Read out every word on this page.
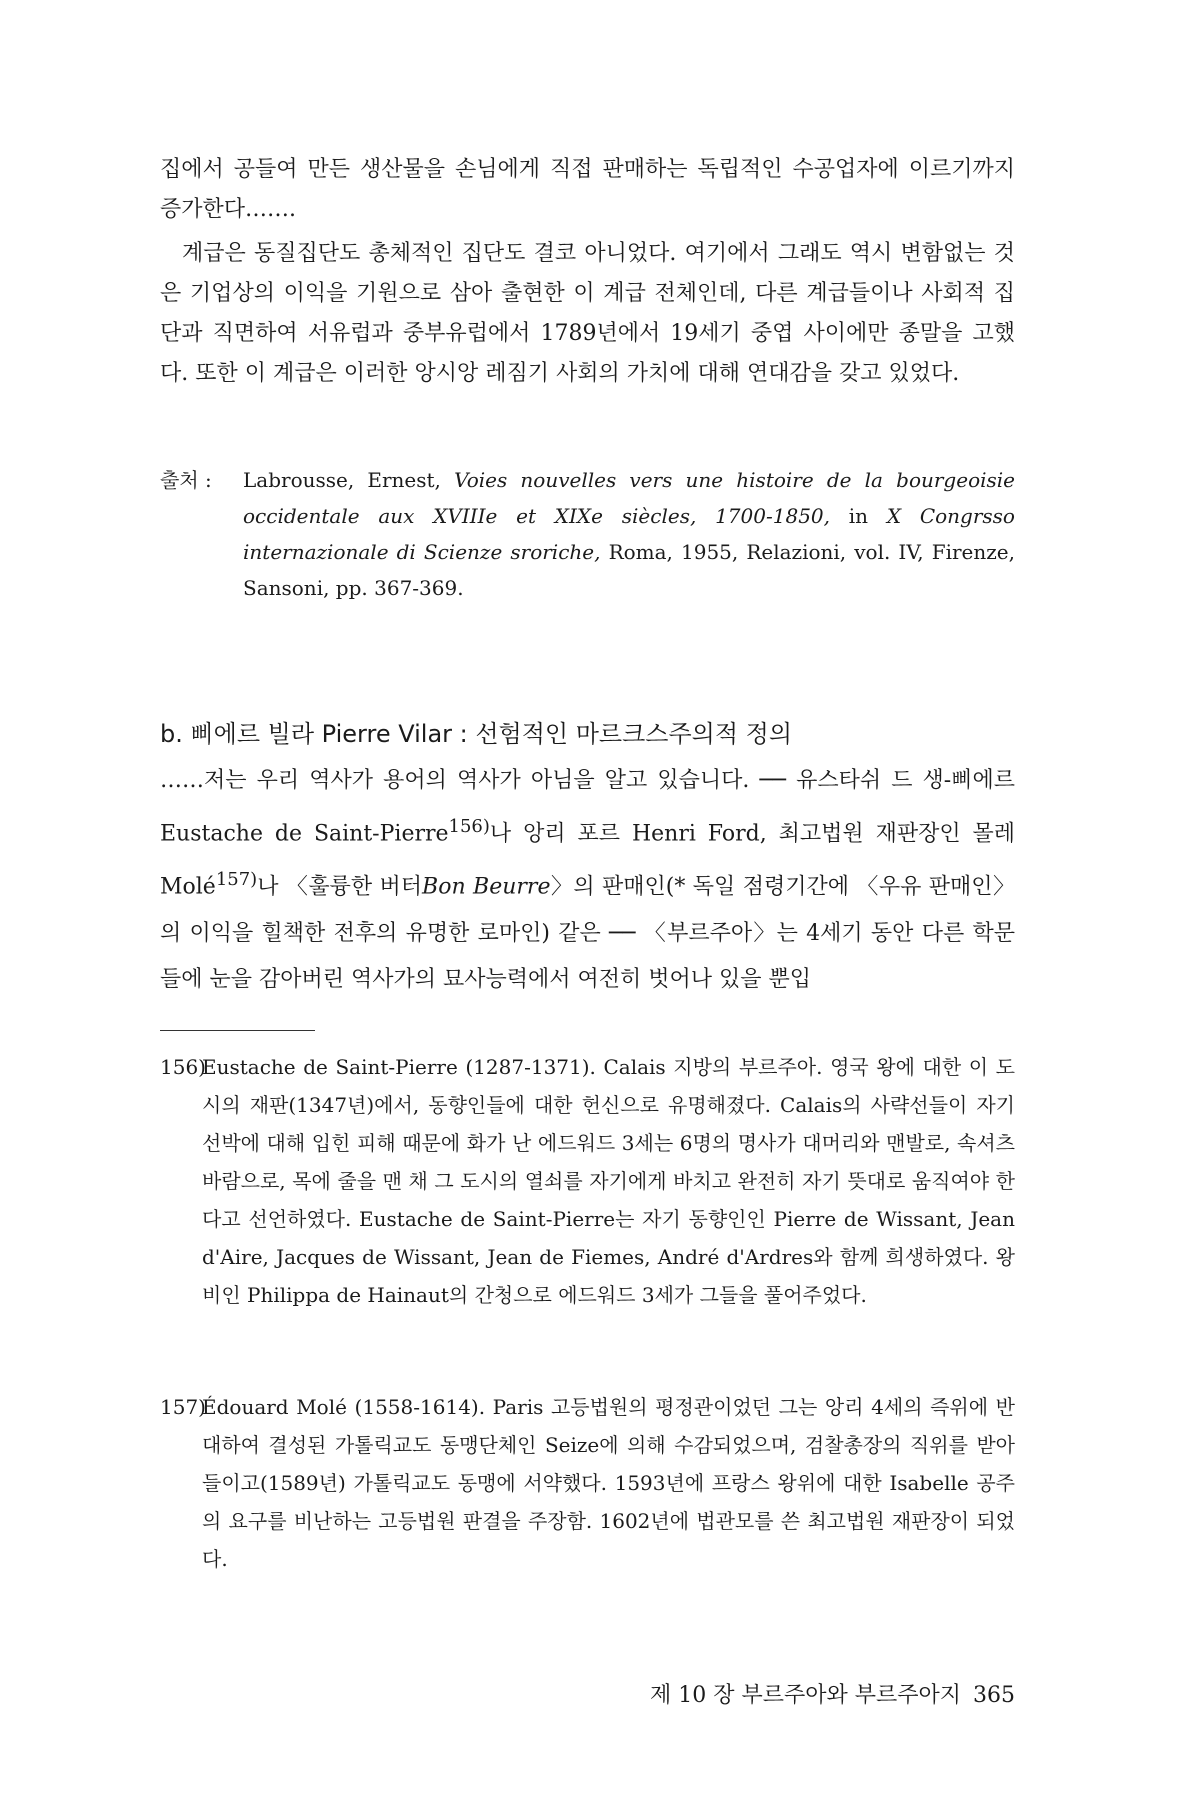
집에서 공들여 만든 생산물을 손님에게 직접 판매하는 독립적인 수공업자에 이르기까지 증가한다…….

계급은 동질집단도 총체적인 집단도 결코 아니었다. 여기에서 그래도 역시 변함없는 것은 기업상의 이익을 기원으로 삼아 출현한 이 계급 전체인데, 다른 계급들이나 사회적 집단과 직면하여 서유럽과 중부유럽에서 1789년에서 19세기 중엽 사이에만 종말을 고했다. 또한 이 계급은 이러한 앙시앙 레짐기 사회의 가치에 대해 연대감을 갖고 있었다.

출처 :	Labrousse, Ernest, Voies nouvelles vers une histoire de la bourgeoisie occidentale aux XVIIIe et XIXe siècles, 1700-1850, in X Congrsso internazionale di Scienze sroriche, Roma, 1955, Relazioni, vol. IV, Firenze, Sansoni, pp. 367-369.
b. 삐에르 빌라 Pierre Vilar : 선험적인 마르크스주의적 정의
……저는 우리 역사가 용어의 역사가 아님을 알고 있습니다. ── 유스타쉬 드 생-삐에르 Eustache de Saint-Pierre$^{156)}$나 앙리 포르 Henri Ford, 최고법원 재판장인 몰레 Molé$^{157)}$나 〈훌륭한 버터Bon Beurre〉의 판매인(* 독일 점령기간에 〈우유 판매인〉의 이익을 힐책한 전후의 유명한 로마인) 같은 ── 〈부르주아〉는 4세기 동안 다른 학문들에 눈을 감아버린 역사가의 묘사능력에서 여전히 벗어나 있을 뿐입
156)
Eustache de Saint-Pierre (1287-1371). Calais 지방의 부르주아. 영국 왕에 대한 이 도시의 재판(1347년)에서, 동향인들에 대한 헌신으로 유명해졌다. Calais의 사략선들이 자기 선박에 대해 입힌 피해 때문에 화가 난 에드워드 3세는 6명의 명사가 대머리와 맨발로, 속셔츠 바람으로, 목에 줄을 맨 채 그 도시의 열쇠를 자기에게 바치고 완전히 자기 뜻대로 움직여야 한다고 선언하였다. Eustache de Saint-Pierre는 자기 동향인인 Pierre de Wissant, Jean d'Aire, Jacques de Wissant, Jean de Fiemes, André d'Ardres와 함께 희생하였다. 왕비인 Philippa de Hainaut의 간청으로 에드워드 3세가 그들을 풀어주었다.
157)
Édouard Molé (1558-1614). Paris 고등법원의 평정관이었던 그는 앙리 4세의 즉위에 반대하여 결성된 가톨릭교도 동맹단체인 Seize에 의해 수감되었으며, 검찰총장의 직위를 받아들이고(1589년) 가톨릭교도 동맹에 서약했다. 1593년에 프랑스 왕위에 대한 Isabelle 공주의 요구를 비난하는 고등법원 판결을 주장함. 1602년에 법관모를 쓴 최고법원 재판장이 되었다.
제 10 장 부르주아와 부르주아지 365
